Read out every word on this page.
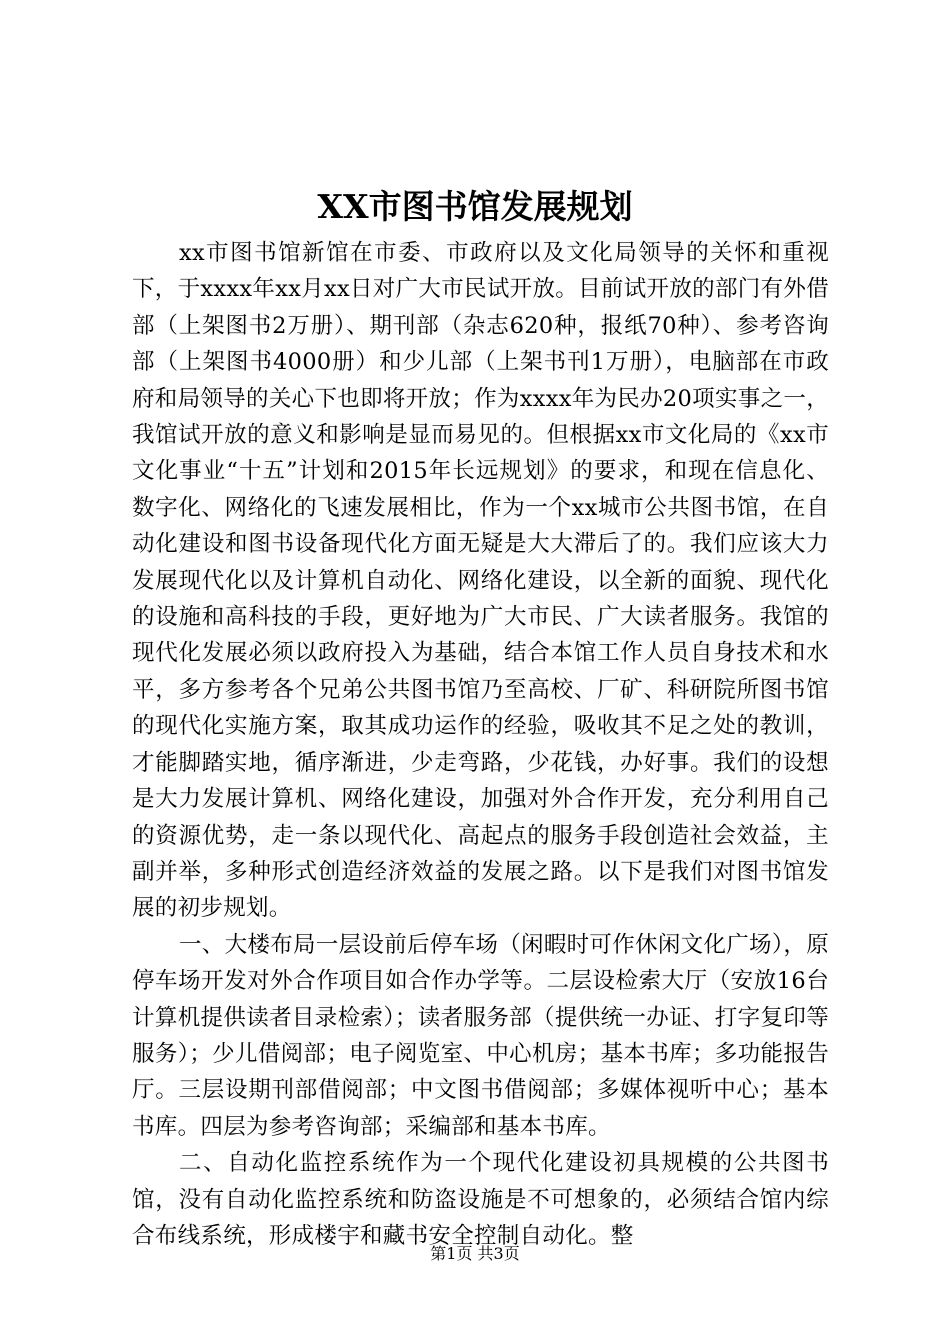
XX市图书馆发展规划

xx市图书馆新馆在市委、市政府以及文化局领导的关怀和重视下，于xxxx年xx月xx日对广大市民试开放。目前试开放的部门有外借部（上架图书2万册）、期刊部（杂志620种，报纸70种）、参考咨询部（上架图书4000册）和少儿部（上架书刊1万册），电脑部在市政府和局领导的关心下也即将开放；作为xxxx年为民办20项实事之一，我馆试开放的意义和影响是显而易见的。但根据xx市文化局的《xx市文化事业“十五”计划和2015年长远规划》的要求，和现在信息化、数字化、网络化的飞速发展相比，作为一个xx城市公共图书馆，在自动化建设和图书设备现代化方面无疑是大大滞后了的。我们应该大力发展现代化以及计算机自动化、网络化建设，以全新的面貌、现代化的设施和高科技的手段，更好地为广大市民、广大读者服务。我馆的现代化发展必须以政府投入为基础，结合本馆工作人员自身技术和水平，多方参考各个兄弟公共图书馆乃至高校、厂矿、科研院所图书馆的现代化实施方案，取其成功运作的经验，吸收其不足之处的教训，才能脚踏实地，循序渐进，少走弯路，少花钱，办好事。我们的设想是大力发展计算机、网络化建设，加强对外合作开发，充分利用自己的资源优势，走一条以现代化、高起点的服务手段创造社会效益，主副并举，多种形式创造经济效益的发展之路。以下是我们对图书馆发展的初步规划。

一、大楼布局一层设前后停车场（闲暇时可作休闲文化广场），原停车场开发对外合作项目如合作办学等。二层设检索大厅（安放16台计算机提供读者目录检索）；读者服务部（提供统一办证、打字复印等服务）；少儿借阅部；电子阅览室、中心机房；基本书库；多功能报告厅。三层设期刊部借阅部；中文图书借阅部；多媒体视听中心；基本书库。四层为参考咨询部；采编部和基本书库。

二、自动化监控系统作为一个现代化建设初具规模的公共图书馆，没有自动化监控系统和防盗设施是不可想象的，必须结合馆内综合布线系统，形成楼宇和藏书安全控制自动化。整

第1页 共3页
